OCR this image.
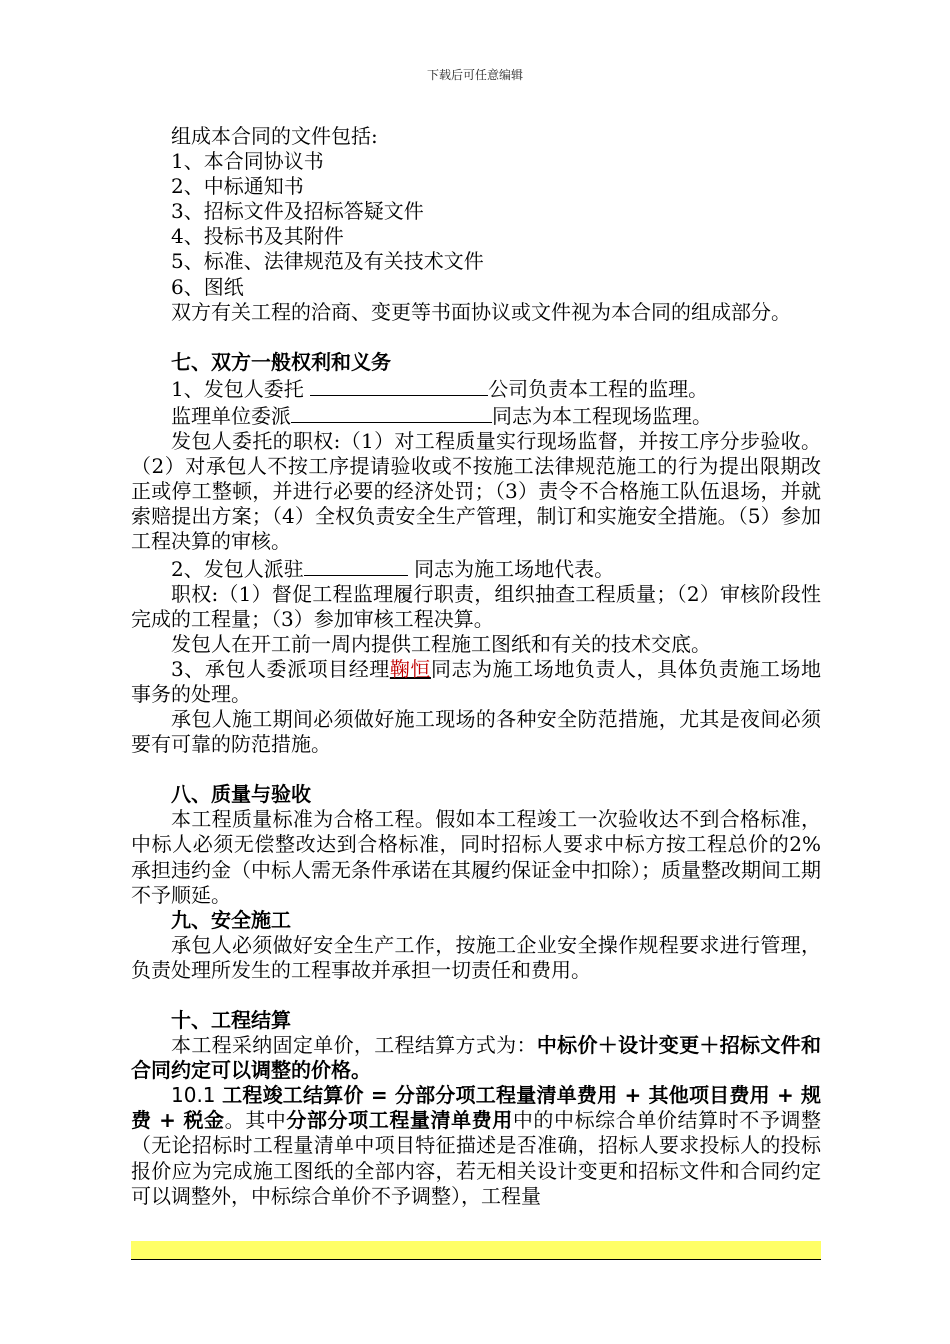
下载后可任意编辑

组成本合同的文件包括:

1、本合同协议书

2、中标通知书

3、招标文件及招标答疑文件

4、投标书及其附件

5、标准、法律规范及有关技术文件

6、图纸

双方有关工程的洽商、变更等书面协议或文件视为本合同的组成部分。

七、双方一般权利和义务

1、发包人委托	公司负责本工程的监理。

监理单位委派	同志为本工程现场监理。

发包人委托的职权:（1）对工程质量实行现场监督，并按工序分步验收。（2）对承包人不按工序提请验收或不按施工法律规范施工的行为提出限期改正或停工整顿，并进行必要的经济处罚；（3）责令不合格施工队伍退场，并就索赔提出方案；（4）全权负责安全生产管理，制订和实施安全措施。（5）参加工程决算的审核。

2、发包人派驻	同志为施工场地代表。

职权:（1）督促工程监理履行职责，组织抽查工程质量；（2）审核阶段性完成的工程量；（3）参加审核工程决算。

发包人在开工前一周内提供工程施工图纸和有关的技术交底。

3、承包人委派项目经理鞠恒同志为施工场地负责人，具体负责施工场地事务的处理。

承包人施工期间必须做好施工现场的各种安全防范措施，尤其是夜间必须要有可靠的防范措施。

八、质量与验收

本工程质量标准为合格工程。假如本工程竣工一次验收达不到合格标准，中标人必须无偿整改达到合格标准，同时招标人要求中标方按工程总价的2%承担违约金（中标人需无条件承诺在其履约保证金中扣除）；质量整改期间工期不予顺延。

九、安全施工

承包人必须做好安全生产工作，按施工企业安全操作规程要求进行管理，负责处理所发生的工程事故并承担一切责任和费用。

十、工程结算

本工程采纳固定单价，工程结算方式为：中标价＋设计变更＋招标文件和合同约定可以调整的价格。

10.1 工程竣工结算价 = 分部分项工程量清单费用 + 其他项目费用 + 规费 + 税金。其中分部分项工程量清单费用中的中标综合单价结算时不予调整（无论招标时工程量清单中项目特征描述是否准确，招标人要求投标人的投标报价应为完成施工图纸的全部内容，若无相关设计变更和招标文件和合同约定可以调整外，中标综合单价不予调整），工程量
